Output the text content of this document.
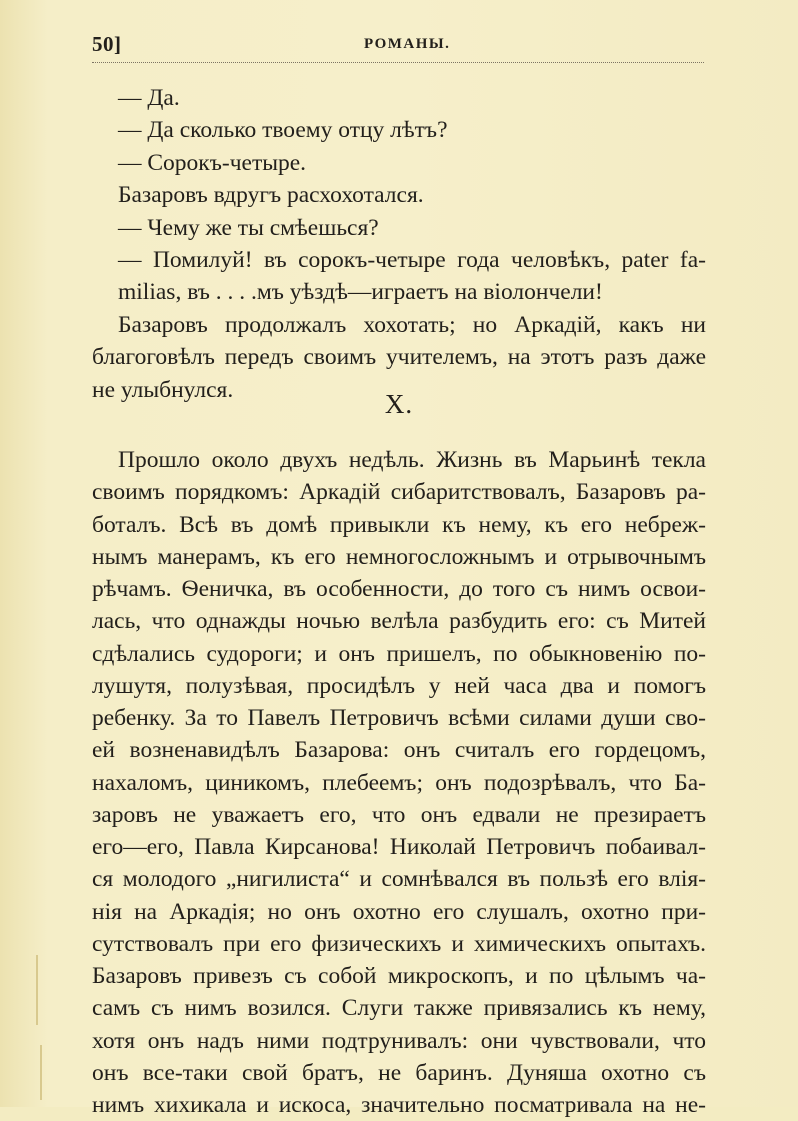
50]	РОМАНЫ.
— Да.
— Да сколько твоему отцу лѣтъ?
— Сорокъ-четыре.
Базаровъ вдругъ расхохотался.
— Чему же ты смѣешься?
— Помилуй! въ сорокъ-четыре года человѣкъ, pater fa-
milias, въ . . . .мъ уѣздѣ—играетъ на віолончели!
Базаровъ продолжалъ хохотать; но Аркадій, какъ ни
благоговѣлъ передъ своимъ учителемъ, на этотъ разъ даже
не улыбнулся.	X.
Прошло около двухъ недѣль. Жизнь въ Марьинѣ текла
своимъ порядкомъ: Аркадій сибаритствовалъ, Базаровъ ра-
боталъ. Всѣ въ домѣ привыкли къ нему, къ его небреж-
нымъ манерамъ, къ его немногосложнымъ и отрывочнымъ
рѣчамъ. Ѳеничка, въ особенности, до того съ нимъ освои-
лась, что однажды ночью велѣла разбудить его: съ Митей
сдѣлались судороги; и онъ пришелъ, по обыкновенію по-
лушутя, полузѣвая, просидѣлъ у ней часа два и помогъ
ребенку. За то Павелъ Петровичъ всѣми силами души сво-
ей возненавидѣлъ Базарова: онъ считалъ его гордецомъ,
нахаломъ, циникомъ, плебеемъ; онъ подозрѣвалъ, что Ба-
заровъ не уважаетъ его, что онъ едвали не презираетъ
его—его, Павла Кирсанова! Николай Петровичъ побаивал-
ся молодого „нигилиста“ и сомнѣвался въ пользѣ его влія-
нія на Аркадія; но онъ охотно его слушалъ, охотно при-
сутствовалъ при его физическихъ и химическихъ опытахъ.
Базаровъ привезъ съ собой микроскопъ, и по цѣлымъ ча-
самъ съ нимъ возился. Слуги также привязались къ нему,
хотя онъ надъ ними подтрунивалъ: они чувствовали, что
онъ все-таки свой братъ, не баринъ. Дуняша охотно съ
нимъ хихикала и искоса, значительно посматривала на не-
